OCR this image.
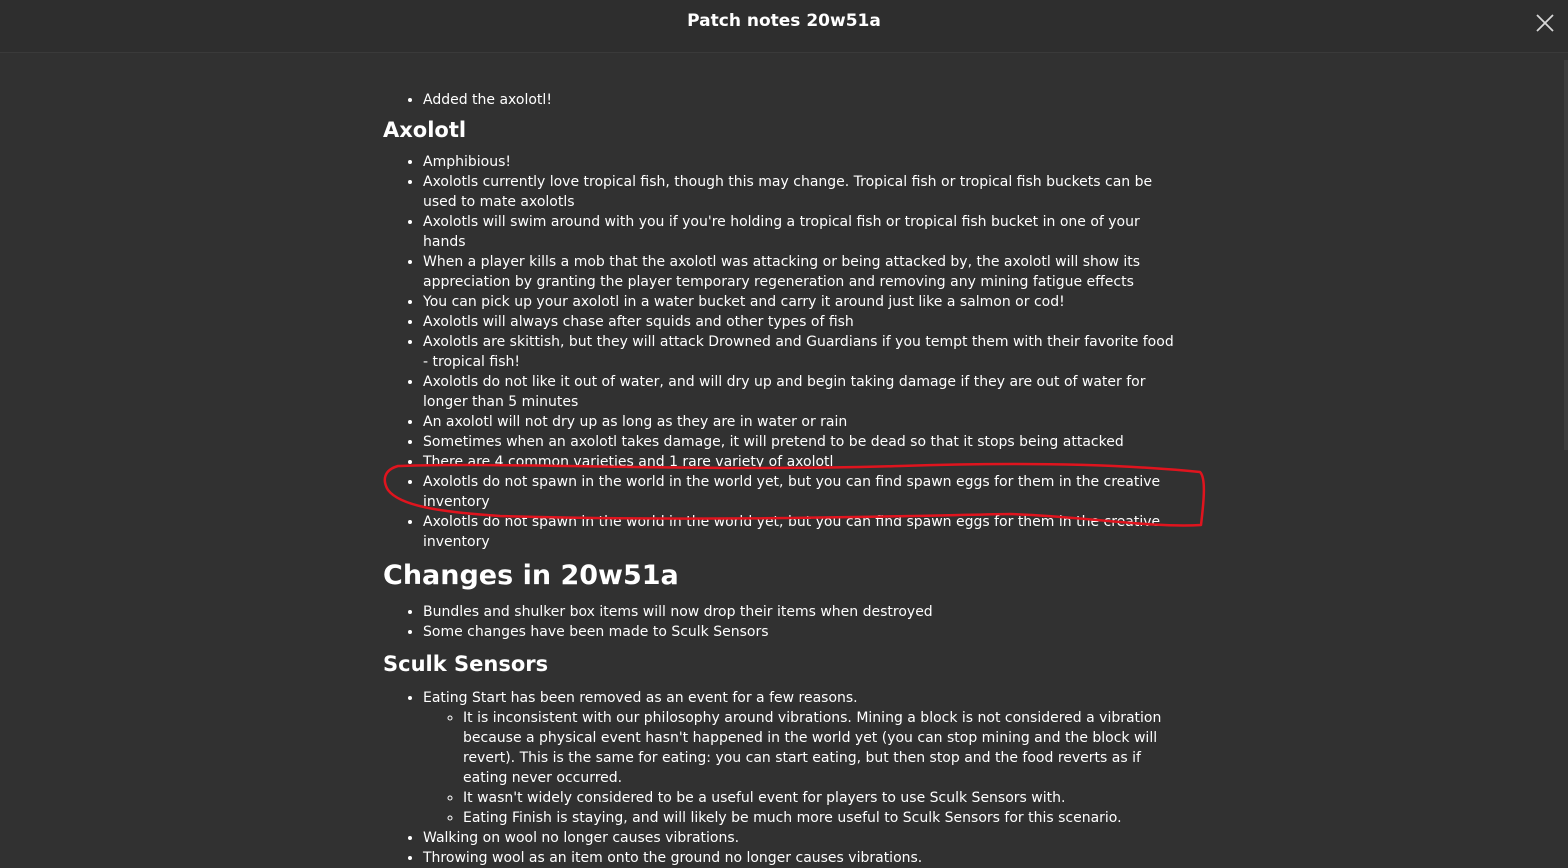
Patch notes 20w51a
• Added the axolotl!
Axolotl
• Amphibious!
• Axolotls currently love tropical fish, though this may change. Tropical fish or tropical fish buckets can be used to mate axolotls
• Axolotls will swim around with you if you're holding a tropical fish or tropical fish bucket in one of your hands
• When a player kills a mob that the axolotl was attacking or being attacked by, the axolotl will show its appreciation by granting the player temporary regeneration and removing any mining fatigue effects
• You can pick up your axolotl in a water bucket and carry it around just like a salmon or cod!
• Axolotls will always chase after squids and other types of fish
• Axolotls are skittish, but they will attack Drowned and Guardians if you tempt them with their favorite food - tropical fish!
• Axolotls do not like it out of water, and will dry up and begin taking damage if they are out of water for longer than 5 minutes
• An axolotl will not dry up as long as they are in water or rain
• Sometimes when an axolotl takes damage, it will pretend to be dead so that it stops being attacked
• There are 4 common varieties and 1 rare variety of axolotl
• Axolotls do not spawn in the world in the world yet, but you can find spawn eggs for them in the creative inventory
• Axolotls do not spawn in the world in the world yet, but you can find spawn eggs for them in the creative inventory
Changes in 20w51a
• Bundles and shulker box items will now drop their items when destroyed
• Some changes have been made to Sculk Sensors
Sculk Sensors
• Eating Start has been removed as an event for a few reasons.
◦ It is inconsistent with our philosophy around vibrations. Mining a block is not considered a vibration because a physical event hasn't happened in the world yet (you can stop mining and the block will revert). This is the same for eating: you can start eating, but then stop and the food reverts as if eating never occurred.
◦ It wasn't widely considered to be a useful event for players to use Sculk Sensors with.
◦ Eating Finish is staying, and will likely be much more useful to Sculk Sensors for this scenario.
• Walking on wool no longer causes vibrations.
• Throwing wool as an item onto the ground no longer causes vibrations.
